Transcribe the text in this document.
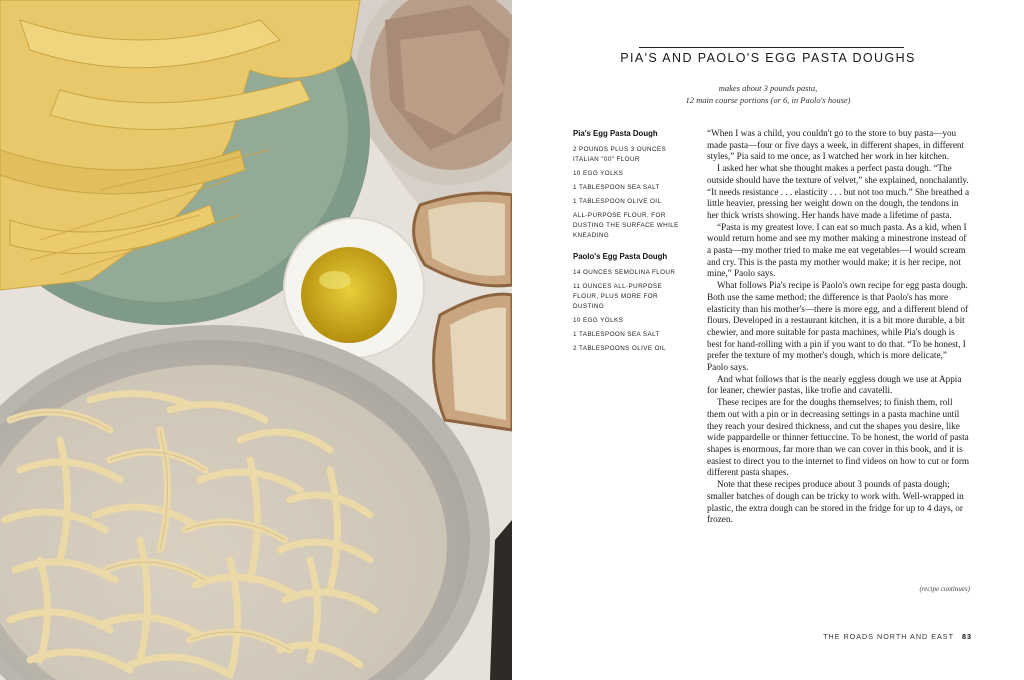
PIA'S AND PAOLO'S EGG PASTA DOUGHS
makes about 3 pounds pasta,
12 main course portions (or 6, in Paolo's house)
Pia's Egg Pasta Dough
2 POUNDS PLUS 3 OUNCES ITALIAN "00" FLOUR
10 EGG YOLKS
1 TABLESPOON SEA SALT
1 TABLESPOON OLIVE OIL
ALL-PURPOSE FLOUR, FOR DUSTING THE SURFACE WHILE KNEADING
Paolo's Egg Pasta Dough
14 OUNCES SEMOLINA FLOUR
11 OUNCES ALL-PURPOSE FLOUR, PLUS MORE FOR DUSTING
10 EGG YOLKS
1 TABLESPOON SEA SALT
2 TABLESPOONS OLIVE OIL

“When I was a child, you couldn't go to the store to buy pasta—you made pasta—four or five days a week, in different shapes, in different styles,” Pia said to me once, as I watched her work in her kitchen.

I asked her what she thought makes a perfect pasta dough. “The outside should have the texture of velvet,” she explained, nonchalantly. “It needs resistance . . . elasticity . . . but not too much.” She breathed a little heavier, pressing her weight down on the dough, the tendons in her thick wrists showing. Her hands have made a lifetime of pasta.

“Pasta is my greatest love. I can eat so much pasta. As a kid, when I would return home and see my mother making a minestrone instead of a pasta—my mother tried to make me eat vegetables—I would scream and cry. This is the pasta my mother would make; it is her recipe, not mine,” Paolo says.

What follows Pia's recipe is Paolo's own recipe for egg pasta dough. Both use the same method; the difference is that Paolo's has more elasticity than his mother's—there is more egg, and a different blend of flours. Developed in a restaurant kitchen, it is a bit more durable, a bit chewier, and more suitable for pasta machines, while Pia's dough is best for hand-rolling with a pin if you want to do that. “To be honest, I prefer the texture of my mother's dough, which is more delicate,” Paolo says.

And what follows that is the nearly eggless dough we use at Appia for leaner, chewier pastas, like trofie and cavatelli.

These recipes are for the doughs themselves; to finish them, roll them out with a pin or in decreasing settings in a pasta machine until they reach your desired thickness, and cut the shapes you desire, like wide pappardelle or thinner fettuccine. To be honest, the world of pasta shapes is enormous, far more than we can cover in this book, and it is easiest to direct you to the internet to find videos on how to cut or form different pasta shapes.

Note that these recipes produce about 3 pounds of pasta dough; smaller batches of dough can be tricky to work with. Well-wrapped in plastic, the extra dough can be stored in the fridge for up to 4 days, or frozen.

(recipe continues)
THE ROADS NORTH AND EAST 83
